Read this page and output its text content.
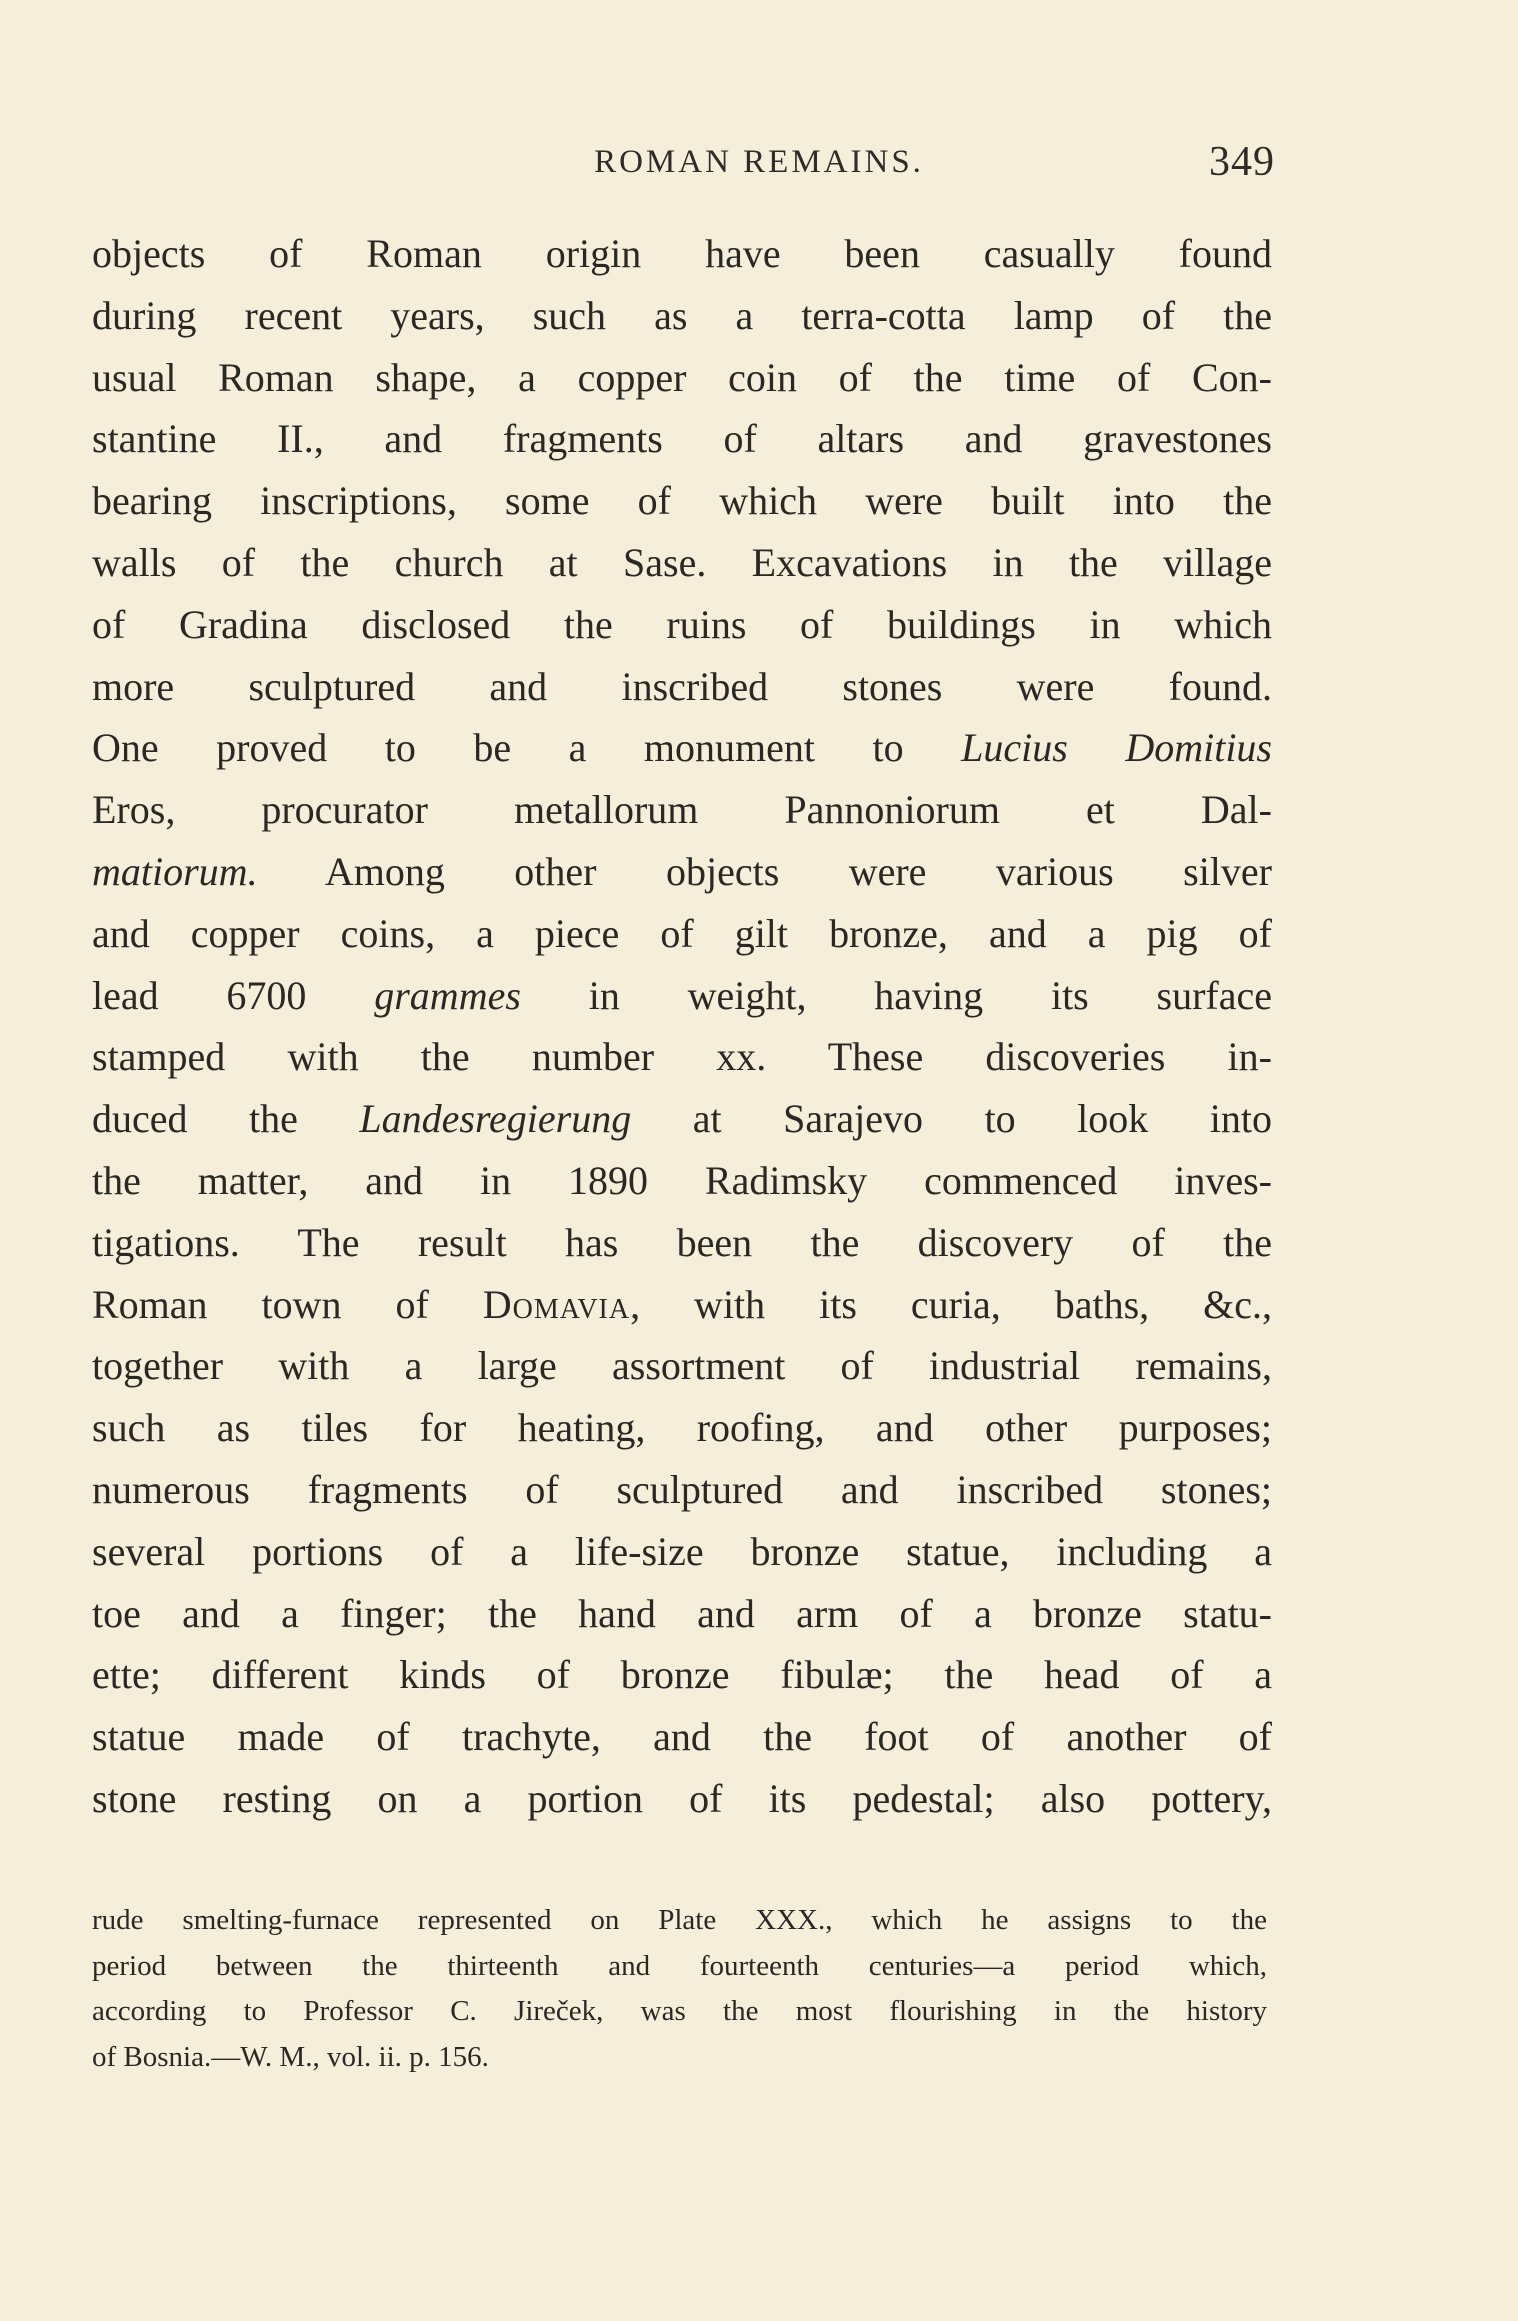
ROMAN REMAINS.	349
objects of Roman origin have been casually found
during recent years, such as a terra-cotta lamp of the
usual Roman shape, a copper coin of the time of Con-
stantine II., and fragments of altars and gravestones
bearing inscriptions, some of which were built into the
walls of the church at Sase. Excavations in the village
of Gradina disclosed the ruins of buildings in which
more sculptured and inscribed stones were found.
One proved to be a monument to Lucius Domitius
Eros, procurator metallorum Pannoniorum et Dal-
matiorum. Among other objects were various silver
and copper coins, a piece of gilt bronze, and a pig of
lead 6700 grammes in weight, having its surface
stamped with the number xx. These discoveries in-
duced the Landesregierung at Sarajevo to look into
the matter, and in 1890 Radimsky commenced inves-
tigations. The result has been the discovery of the
Roman town of Domavia, with its curia, baths, &c.,
together with a large assortment of industrial remains,
such as tiles for heating, roofing, and other purposes;
numerous fragments of sculptured and inscribed stones;
several portions of a life-size bronze statue, including a
toe and a finger; the hand and arm of a bronze statu-
ette; different kinds of bronze fibulæ; the head of a
statue made of trachyte, and the foot of another of
stone resting on a portion of its pedestal; also pottery,
rude smelting-furnace represented on Plate XXX., which he assigns to the
period between the thirteenth and fourteenth centuries—a period which,
according to Professor C. Jireček, was the most flourishing in the history
of Bosnia.—W. M., vol. ii. p. 156.
